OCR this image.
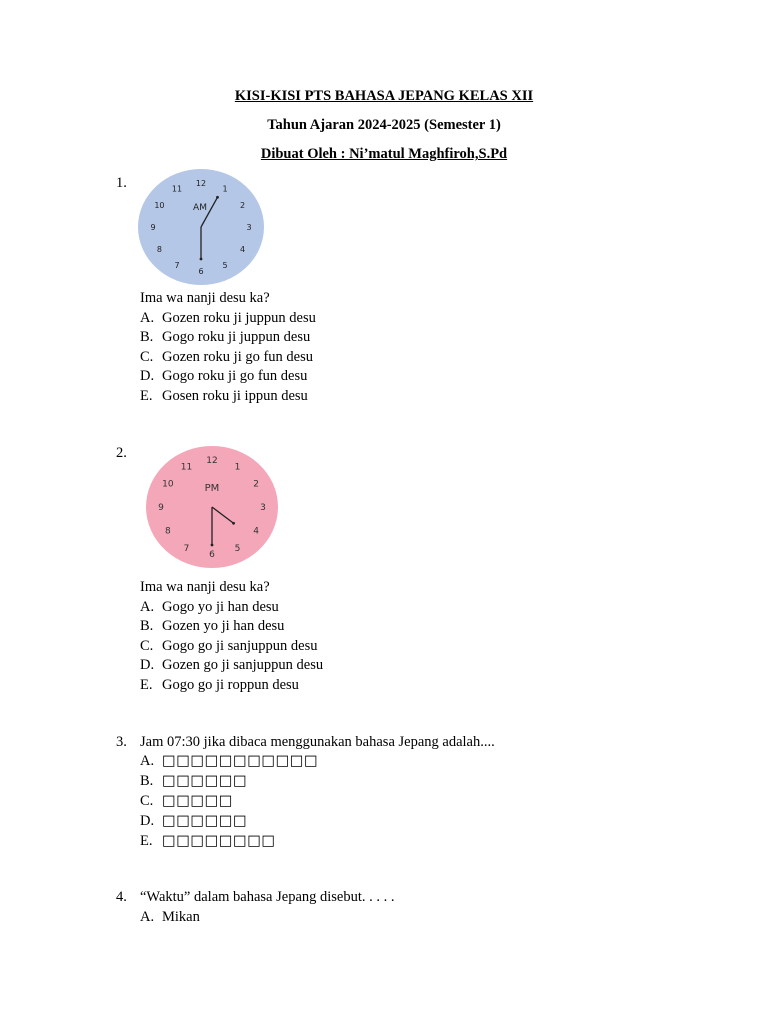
KISI-KISI PTS BAHASA JEPANG KELAS XII
Tahun Ajaran 2024-2025 (Semester 1)
Dibuat Oleh : Ni’matul Maghfiroh,S.Pd
1.	12
1
2
3
4
5
6
7
8
9
10
11
AM
Ima wa nanji desu ka?
A. Gozen roku ji juppun desu
B. Gogo roku ji juppun desu
C. Gozen roku ji go fun desu
D. Gogo roku ji go fun desu
E. Gosen roku ji ippun desu
2.
12
1
2
3
4
5
6
7
8
9
10
11
PM
Ima wa nanji desu ka?
A. Gogo yo ji han desu
B. Gozen yo ji han desu
C. Gogo go ji sanjuppun desu
D. Gozen go ji sanjuppun desu
E. Gogo go ji roppun desu
3. Jam 07:30 jika dibaca menggunakan bahasa Jepang adalah....
A. □□□□□□□□□□□
B. □□□□□□
C. □□□□□
D. □□□□□□
E. □□□□□□□□
4. “Waktu” dalam bahasa Jepang disebut. . . . .
A. Mikan
